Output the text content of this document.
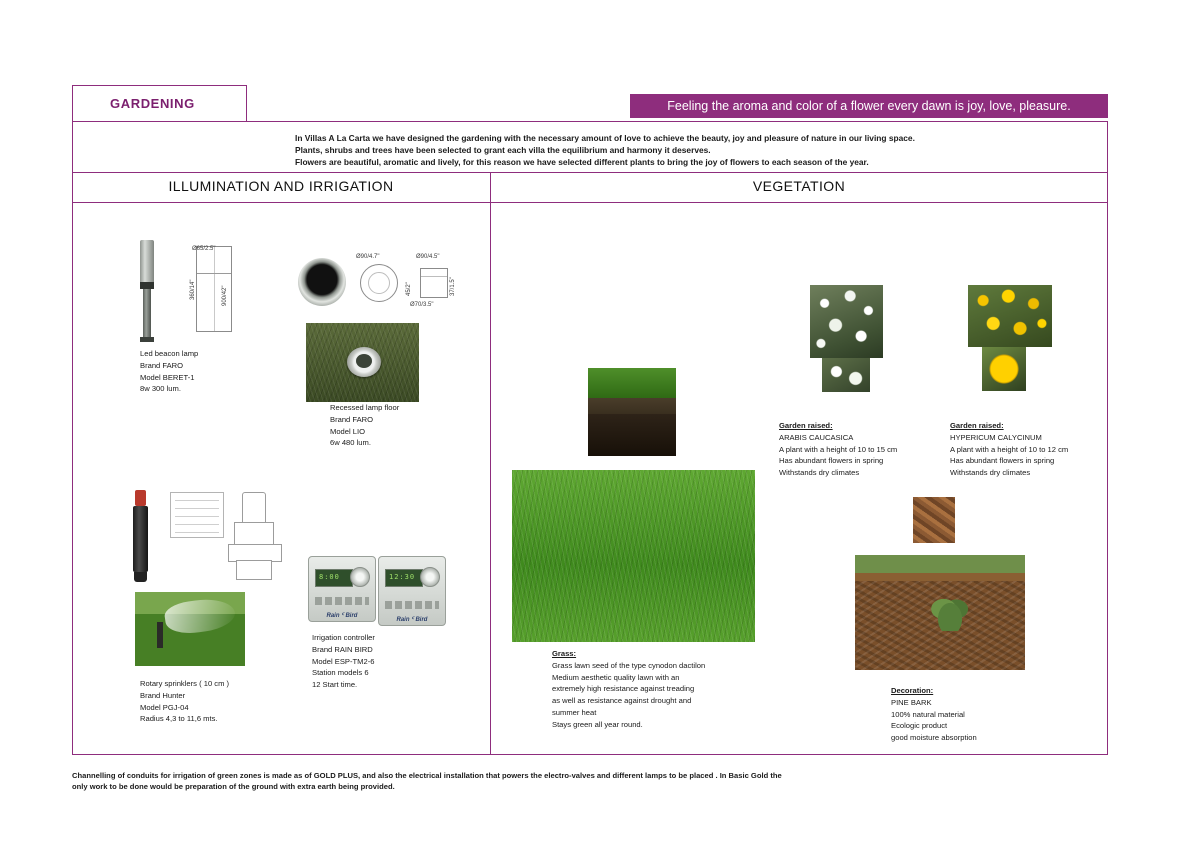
GARDENING	Feeling the aroma and color of a flower every dawn is joy, love, pleasure.
In Villas A La Carta we have designed the gardening with the necessary amount of love to achieve the beauty, joy and pleasure of nature in our living space.
Plants, shrubs and trees have been selected to grant each villa the equilibrium and harmony it deserves.
Flowers are beautiful, aromatic and lively, for this reason we have selected different plants to bring the joy of flowers to each season of the year.
ILLUMINATION AND IRRIGATION	VEGETATION
Ø65/2.5"
360/14"	900/42"
Led beacon lamp
Brand FARO
Model BERET-1
8w 300 lum.
Ø90/4.7"	Ø90/4.5"
45/2"
Ø70/3.5"
37/1.5"
Recessed lamp floor
Brand FARO
Model LIO
6w 480 lum.
Rotary sprinklers ( 10 cm )
Brand Hunter
Model PGJ-04
Radius 4,3 to 11,6 mts.
8:00
Rain ᑦ Bird
12:30
Rain ᑦ Bird
Irrigation controller
Brand RAIN BIRD
Model ESP-TM2-6
Station models 6
12 Start time.
Garden raised:
ARABIS CAUCASICA
A plant with a height of 10 to 15 cm
Has abundant flowers in spring
Withstands dry climates
Garden raised:
HYPERICUM CALYCINUM
A plant with a height of 10 to 12 cm
Has abundant flowers in spring
Withstands dry climates
Grass:
Grass lawn seed of the type cynodon dactilon
Medium aesthetic quality lawn with an
extremely high resistance against treading
as well as resistance against drought and
summer heat
Stays green all year round.
Decoration:
PINE BARK
100% natural material
Ecologic product
good moisture absorption
Channelling of conduits for irrigation of green zones is made as of GOLD PLUS, and also the electrical installation that powers the electro-valves and different lamps to be placed . In Basic Gold the
only work to be done would be preparation of the ground with extra earth being provided.
